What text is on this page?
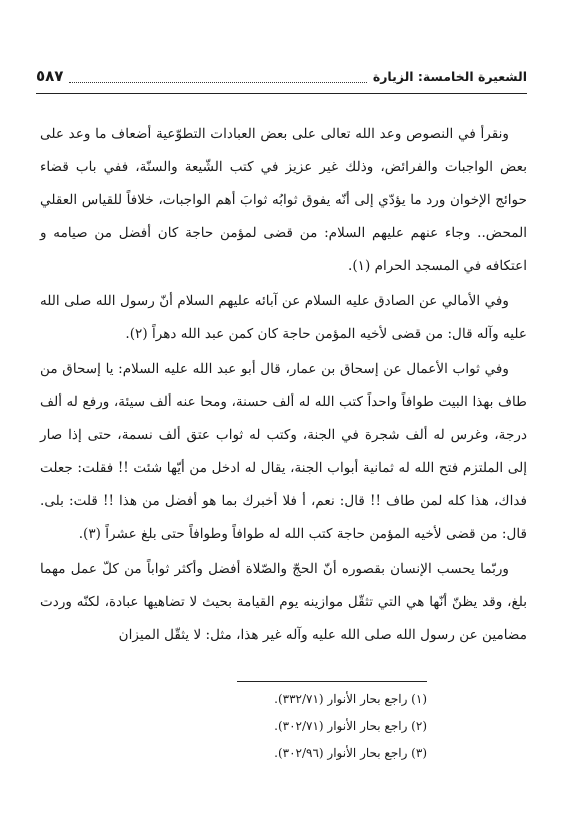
الشعيرة الخامسة: الزيارة
٥٨٧

ونقرأ في النصوص وعد الله تعالى على بعض العبادات التطوّعية أضعاف ما وعد على بعض الواجبات والفرائض، وذلك غير عزيز في كتب الشّيعة والسنّة، ففي باب قضاء حوائج الإخوان ورد ما يؤدّي إلى أنّه يفوق ثوابُه ثوابَ أهم الواجبات، خلافاً للقياس العقلي المحض.. وجاء عنهم عليهم السلام: من قضى لمؤمن حاجة كان أفضل من صيامه و اعتكافه في المسجد الحرام (١).

وفي الأمالي عن الصادق عليه السلام عن آبائه عليهم السلام أنّ رسول الله صلى الله عليه وآله قال: من قضى لأخيه المؤمن حاجة كان كمن عبد الله دهراً (٢).

وفي ثواب الأعمال عن إسحاق بن عمار، قال أبو عبد الله عليه السلام: يا إسحاق من طاف بهذا البيت طوافاً واحداً كتب الله له ألف حسنة، ومحا عنه ألف سيئة، ورفع له ألف درجة، وغرس له ألف شجرة في الجنة، وكتب له ثواب عتق ألف نسمة، حتى إذا صار إلى الملتزم فتح الله له ثمانية أبواب الجنة، يقال له ادخل من أيّها شئت !! فقلت: جعلت فداك، هذا كله لمن طاف !! قال: نعم، أ فلا أخبرك بما هو أفضل من هذا !! قلت: بلى. قال: من قضى لأخيه المؤمن حاجة كتب الله له طوافاً وطوافاً حتى بلغ عشراً (٣).

وربّما يحسب الإنسان بقصوره أنّ الحجّ والصّلاة أفضل وأكثر ثواباً من كلّ عمل مهما بلغ، وقد يظنّ أنّها هي التي تثقّل موازينه يوم القيامة بحيث لا تضاهيها عبادة، لكنّه وردت مضامين عن رسول الله صلى الله عليه وآله غير هذا، مثل: لا يثقّل الميزان

(١) راجع بحار الأنوار (٣٣٢/٧١).
(٢) راجع بحار الأنوار (٣٠٢/٧١).
(٣) راجع بحار الأنوار (٣٠٢/٩٦).
